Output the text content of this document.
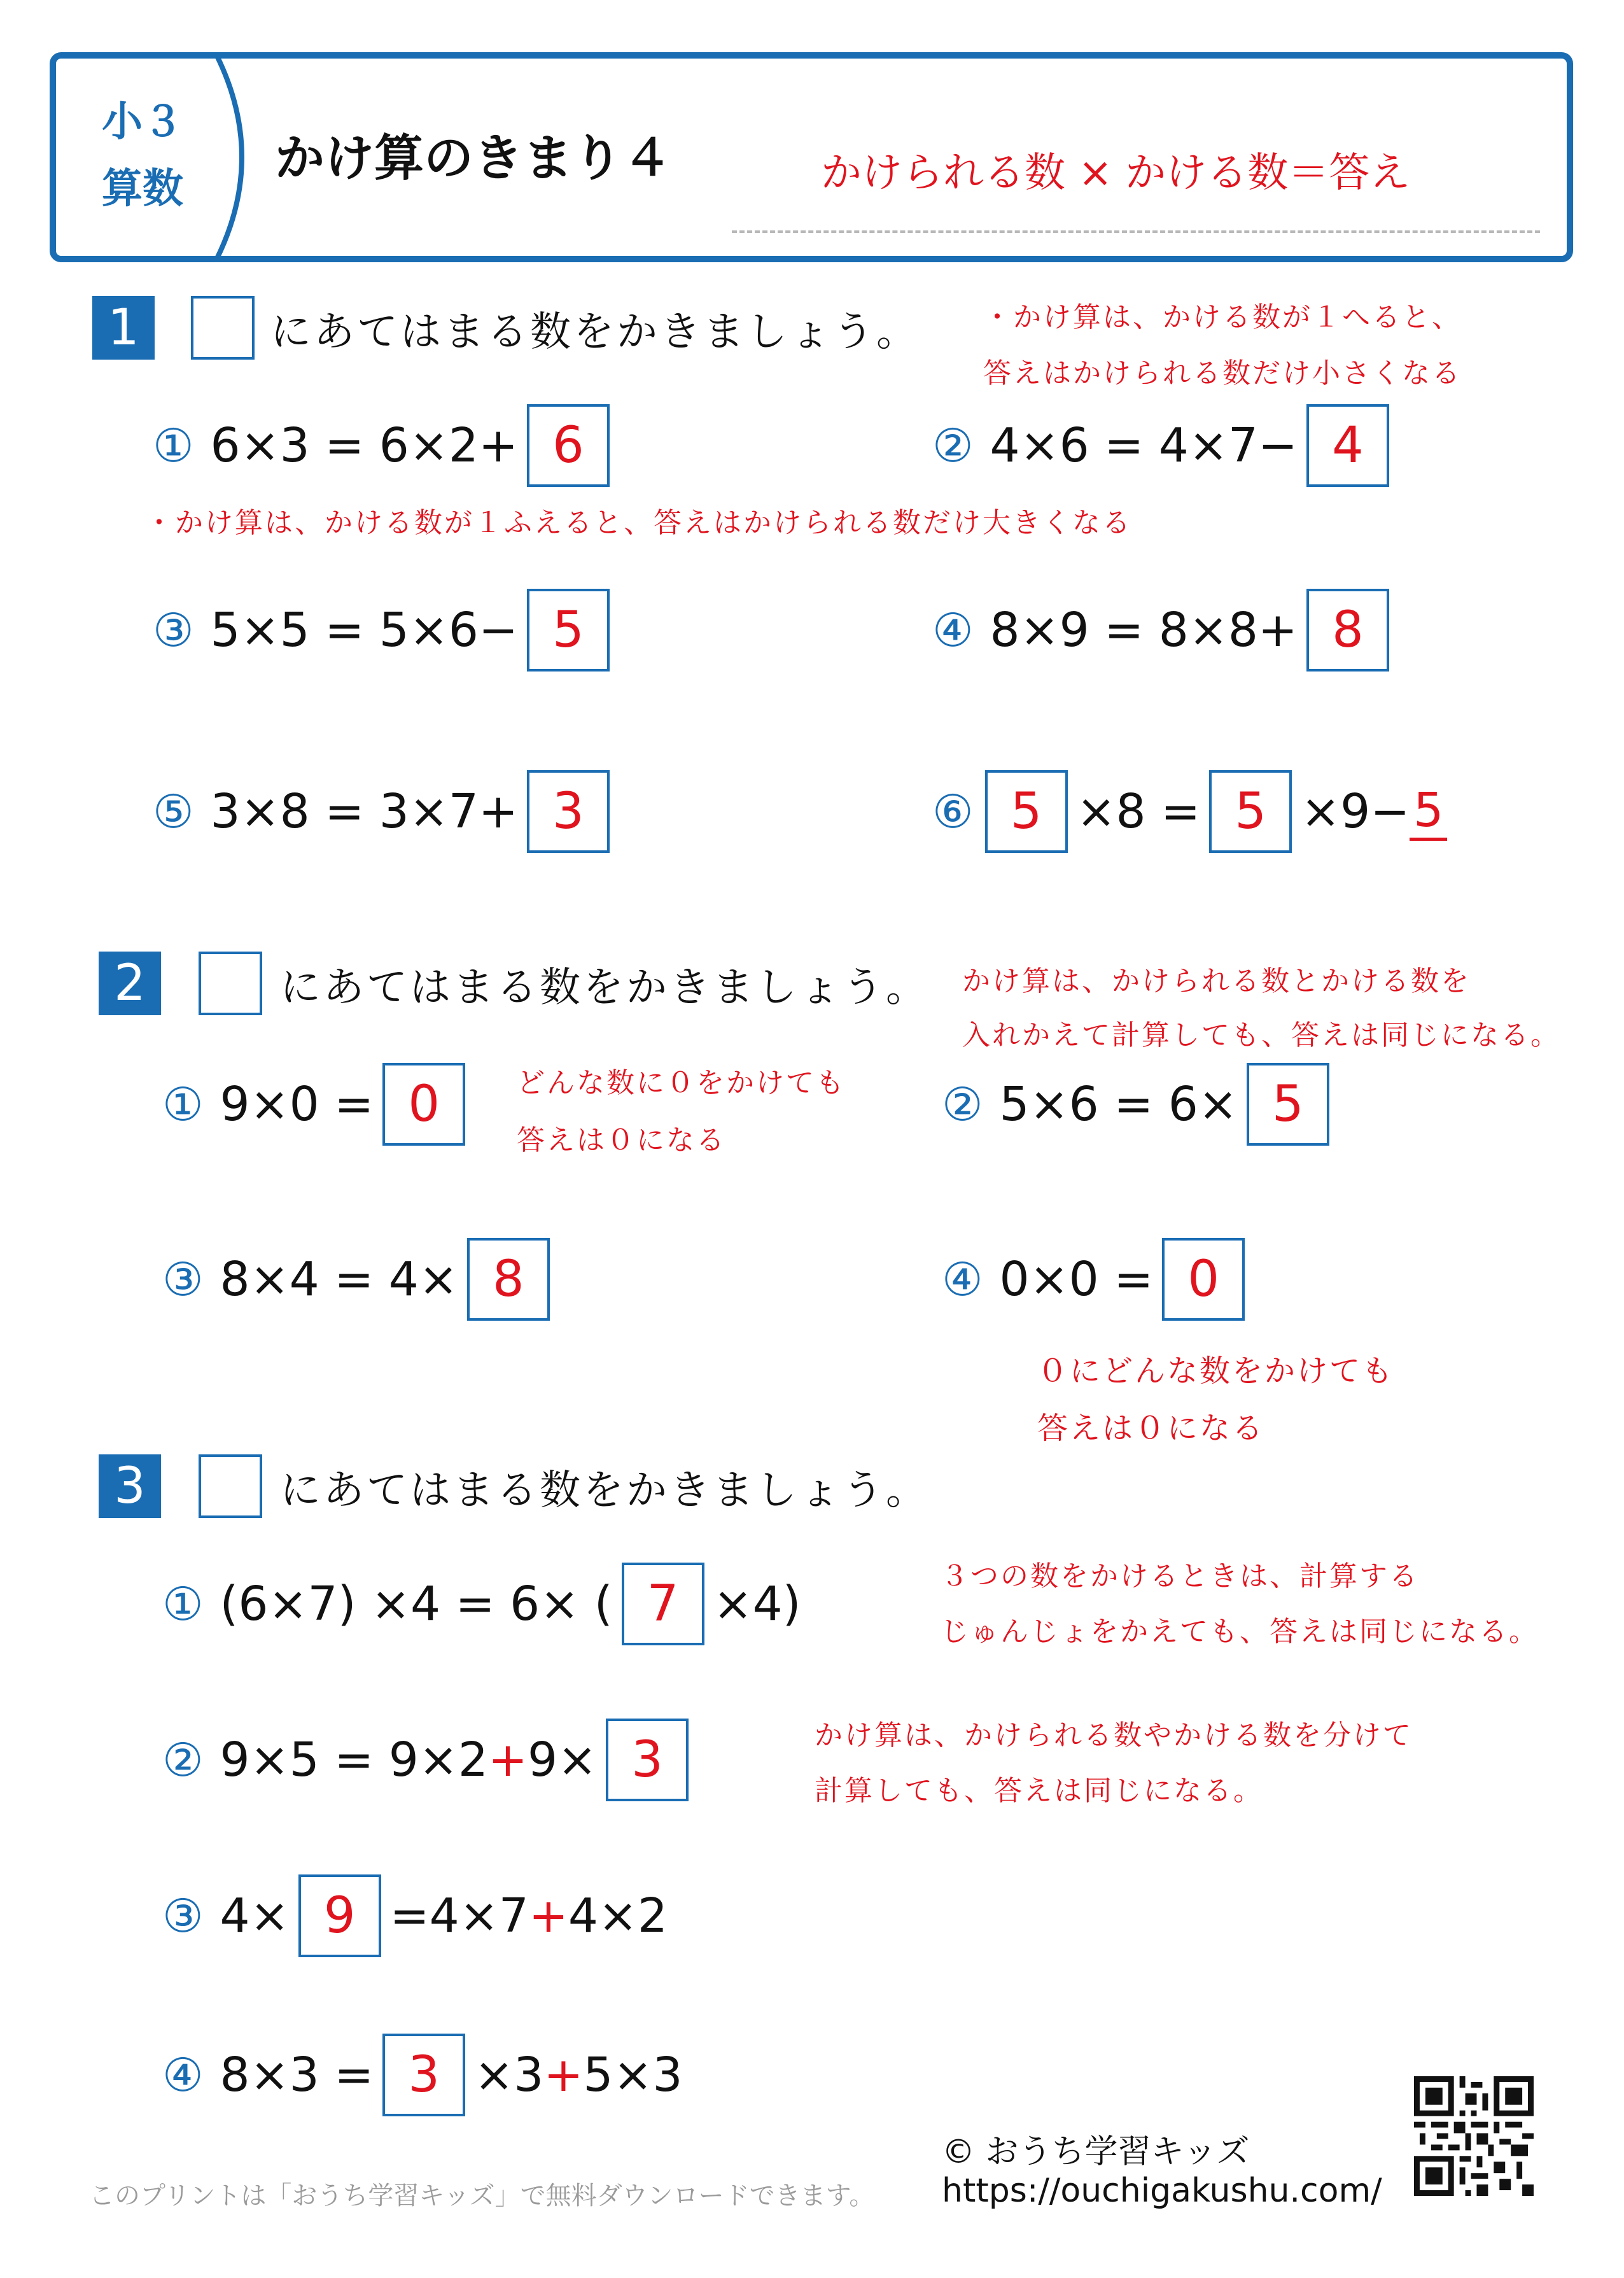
小３
算数
かけ算のきまり４	かけられる数 × かける数＝答え
1	にあてはまる数をかきましょう。 ・かけ算は、かける数が１へると、
答えはかけられる数だけ小さくなる
① 6×3 = 6×2+ 6	② 4×6 = 4×7− 4
・かけ算は、かける数が１ふえると、答えはかけられる数だけ大きくなる
③ 5×5 = 5×6− 5	④ 8×9 = 8×8+ 8
⑤ 3×8 = 3×7+ 3	⑥ 5 ×8 = 5 ×9− 5
2	にあてはまる数をかきましょう。 かけ算は、かけられる数とかける数を
入れかえて計算しても、答えは同じになる。
① 9×0 = 0	どんな数に０をかけても
答えは０になる
② 5×6 = 6× 5
③ 8×4 = 4× 8	④ 0×0 = 0
０にどんな数をかけても
答えは０になる
3	にあてはまる数をかきましょう。
① (6×7) ×4 = 6× ( 7 ×4)
３つの数をかけるときは、計算する
じゅんじょをかえても、答えは同じになる。
② 9×5 = 9×2 + 9× 3	かけ算は、かけられる数やかける数を分けて
計算しても、答えは同じになる。
③ 4× 9 =4×7 + 4×2
④ 8×3 = 3 ×3 + 5×3
このプリントは「おうち学習キッズ」で無料ダウンロードできます。
© おうち学習キッズ
https://ouchigakushu.com/
